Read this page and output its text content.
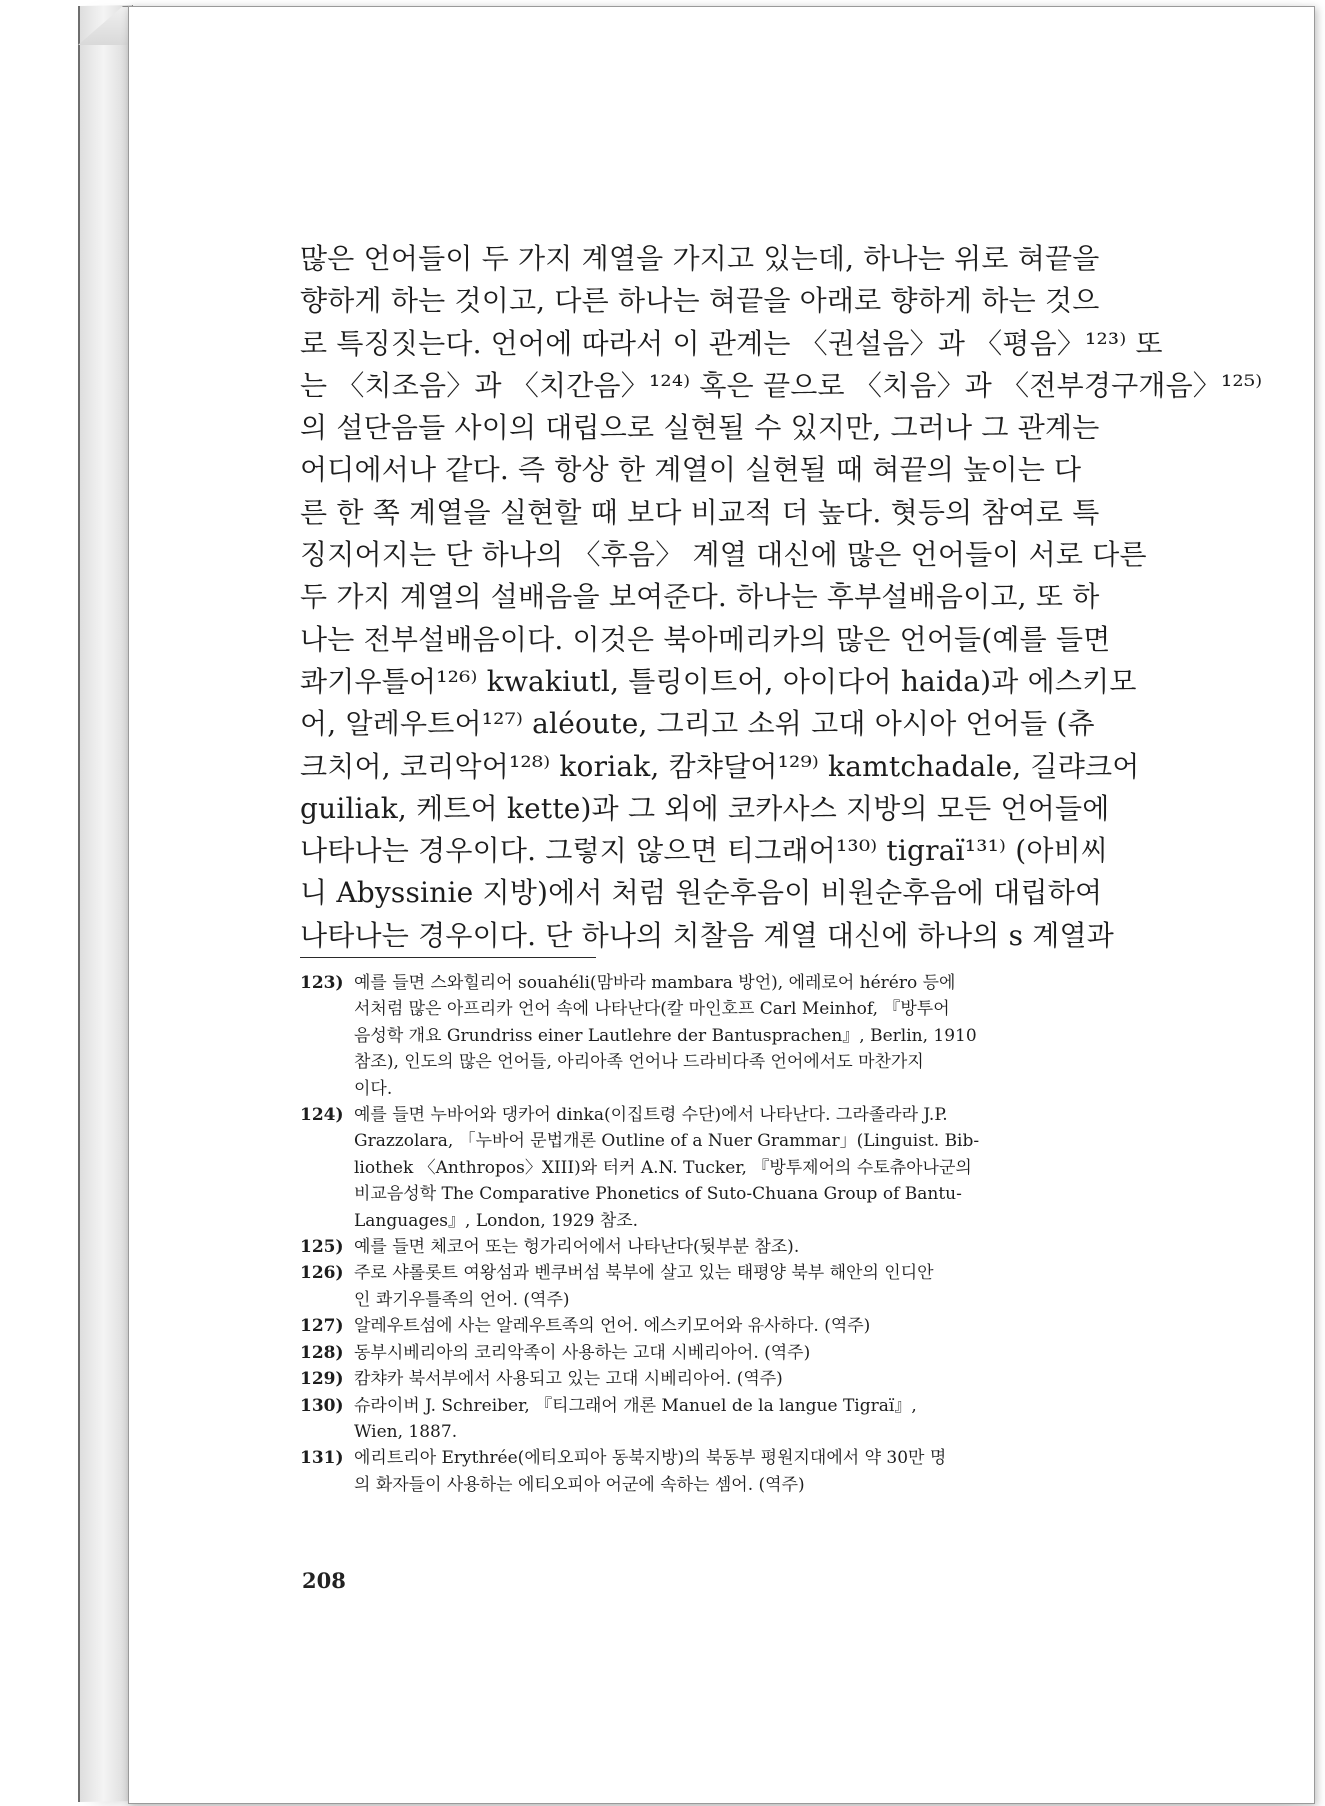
많은 언어들이 두 가지 계열을 가지고 있는데, 하나는 위로 혀끝을

향하게 하는 것이고, 다른 하나는 혀끝을 아래로 향하게 하는 것으

로 특징짓는다. 언어에 따라서 이 관계는 〈권설음〉과 〈평음〉¹²³⁾ 또

는 〈치조음〉과 〈치간음〉¹²⁴⁾ 혹은 끝으로 〈치음〉과 〈전부경구개음〉¹²⁵⁾

의 설단음들 사이의 대립으로 실현될 수 있지만, 그러나 그 관계는

어디에서나 같다. 즉 항상 한 계열이 실현될 때 혀끝의 높이는 다

른 한 쪽 계열을 실현할 때 보다 비교적 더 높다. 혓등의 참여로 특

징지어지는 단 하나의 〈후음〉 계열 대신에 많은 언어들이 서로 다른

두 가지 계열의 설배음을 보여준다. 하나는 후부설배음이고, 또 하

나는 전부설배음이다. 이것은 북아메리카의 많은 언어들(예를 들면

콰기우틀어¹²⁶⁾ kwakiutl, 틀링이트어, 아이다어 haida)과 에스키모

어, 알레우트어¹²⁷⁾ aléoute, 그리고 소위 고대 아시아 언어들 (츄

크치어, 코리악어¹²⁸⁾ koriak, 캄챠달어¹²⁹⁾ kamtchadale, 길랴크어

guiliak, 케트어 kette)과 그 외에 코카사스 지방의 모든 언어들에

나타나는 경우이다. 그렇지 않으면 티그래어¹³⁰⁾ tigraï¹³¹⁾ (아비씨

니 Abyssinie 지방)에서 처럼 원순후음이 비원순후음에 대립하여

나타나는 경우이다. 단 하나의 치찰음 계열 대신에 하나의 s 계열과

123) 예를 들면 스와힐리어 souahéli(맘바라 mambara 방언), 에레로어 héréro 등에

서처럼 많은 아프리카 언어 속에 나타난다(칼 마인호프 Carl Meinhof, 『방투어

음성학 개요 Grundriss einer Lautlehre der Bantusprachen』, Berlin, 1910

참조), 인도의 많은 언어들, 아리아족 언어나 드라비다족 언어에서도 마찬가지

이다.

124) 예를 들면 누바어와 댕카어 dinka(이집트령 수단)에서 나타난다. 그라졸라라 J.P.

Grazzolara, 「누바어 문법개론 Outline of a Nuer Grammar」(Linguist. Bib-

liothek 〈Anthropos〉XIII)와 터커 A.N. Tucker, 『방투제어의 수토츄아나군의

비교음성학 The Comparative Phonetics of Suto-Chuana Group of Bantu-

Languages』, London, 1929 참조.

125) 예를 들면 체코어 또는 헝가리어에서 나타난다(뒷부분 참조).

126) 주로 샤롤롯트 여왕섬과 벤쿠버섬 북부에 살고 있는 태평양 북부 해안의 인디안

인 콰기우틀족의 언어. (역주)

127) 알레우트섬에 사는 알레우트족의 언어. 에스키모어와 유사하다. (역주)

128) 동부시베리아의 코리악족이 사용하는 고대 시베리아어. (역주)

129) 캄챠카 북서부에서 사용되고 있는 고대 시베리아어. (역주)

130) 슈라이버 J. Schreiber, 『티그래어 개론 Manuel de la langue Tigraï』,

Wien, 1887.

131) 에리트리아 Erythrée(에티오피아 동북지방)의 북동부 평원지대에서 약 30만 명

의 화자들이 사용하는 에티오피아 어군에 속하는 셈어. (역주)

208
